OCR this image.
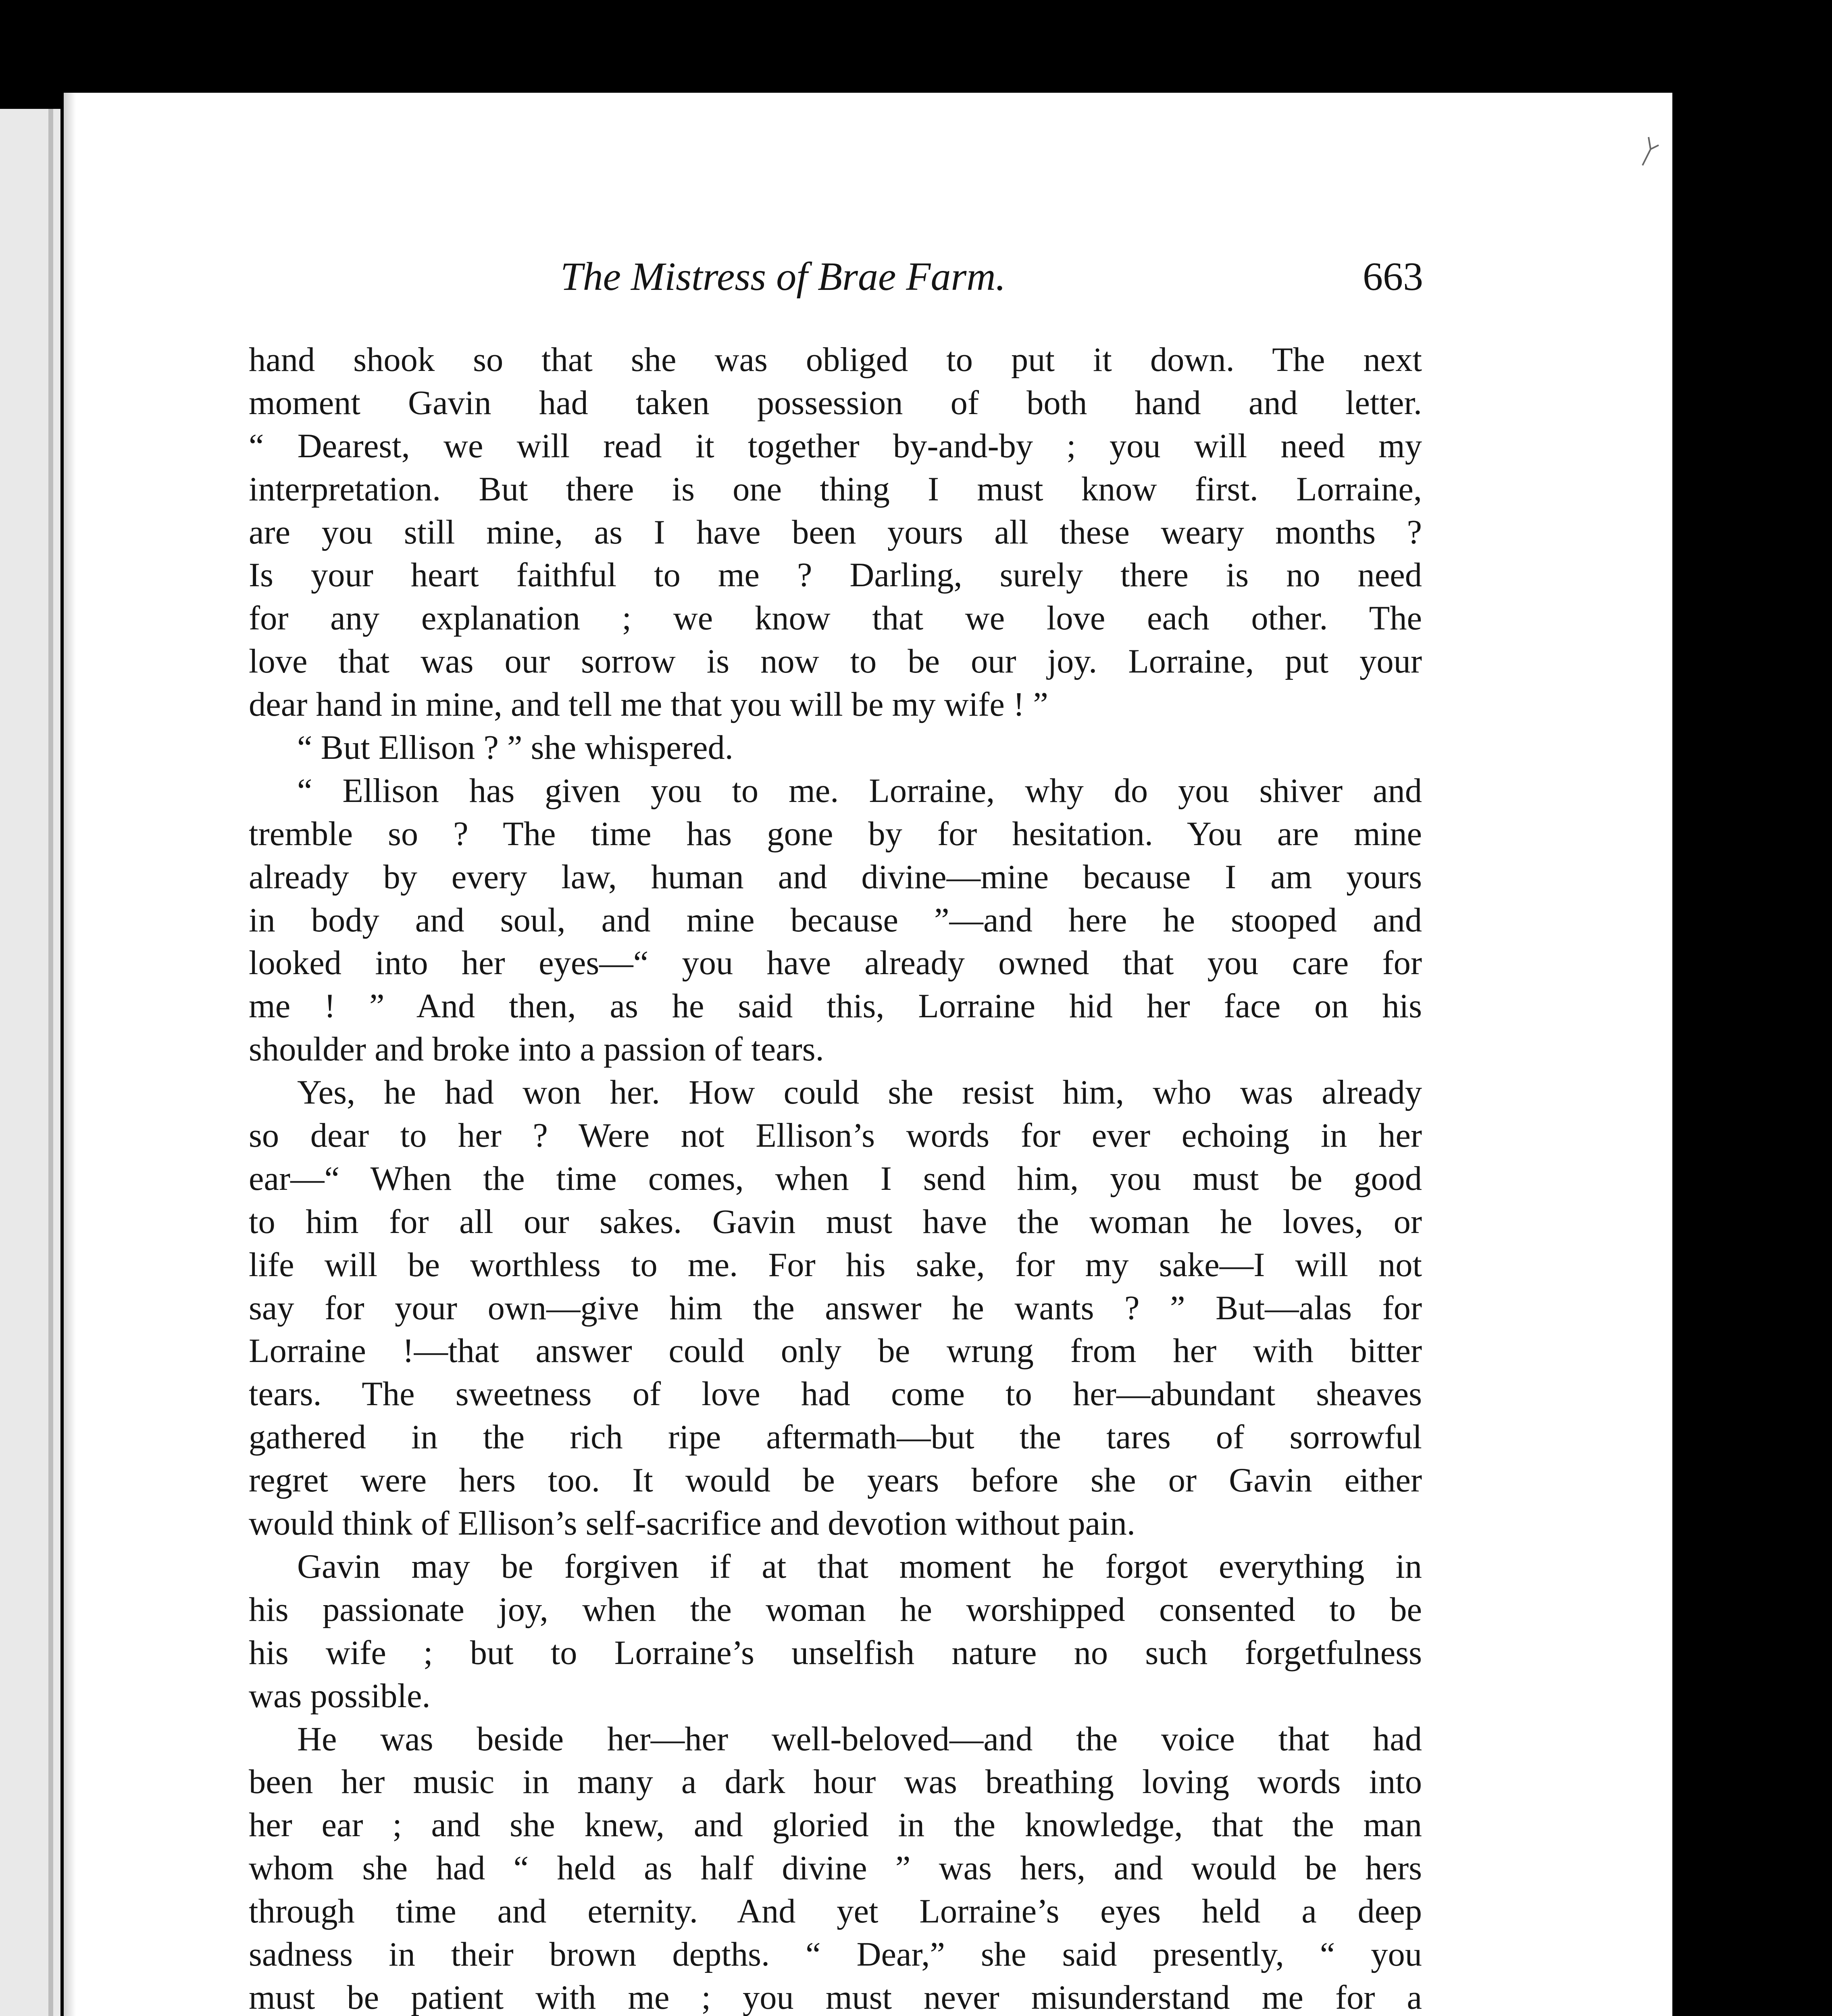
The Mistress of Brae Farm.	663
hand shook so that she was obliged to put it down. The next
moment Gavin had taken possession of both hand and letter.
“ Dearest, we will read it together by-and-by ; you will need my
interpretation. But there is one thing I must know first. Lorraine,
are you still mine, as I have been yours all these weary months ?
Is your heart faithful to me ? Darling, surely there is no need
for any explanation ; we know that we love each other. The
love that was our sorrow is now to be our joy. Lorraine, put your
dear hand in mine, and tell me that you will be my wife ! ”
“ But Ellison ? ” she whispered.
“ Ellison has given you to me. Lorraine, why do you shiver and
tremble so ? The time has gone by for hesitation. You are mine
already by every law, human and divine—mine because I am yours
in body and soul, and mine because ”—and here he stooped and
looked into her eyes—“ you have already owned that you care for
me ! ” And then, as he said this, Lorraine hid her face on his
shoulder and broke into a passion of tears.
Yes, he had won her. How could she resist him, who was already
so dear to her ? Were not Ellison’s words for ever echoing in her
ear—“ When the time comes, when I send him, you must be good
to him for all our sakes. Gavin must have the woman he loves, or
life will be worthless to me. For his sake, for my sake—I will not
say for your own—give him the answer he wants ? ” But—alas for
Lorraine !—that answer could only be wrung from her with bitter
tears. The sweetness of love had come to her—abundant sheaves
gathered in the rich ripe aftermath—but the tares of sorrowful
regret were hers too. It would be years before she or Gavin either
would think of Ellison’s self-sacrifice and devotion without pain.
Gavin may be forgiven if at that moment he forgot everything in
his passionate joy, when the woman he worshipped consented to be
his wife ; but to Lorraine’s unselfish nature no such forgetfulness
was possible.
He was beside her—her well-beloved—and the voice that had
been her music in many a dark hour was breathing loving words into
her ear ; and she knew, and gloried in the knowledge, that the man
whom she had “ held as half divine ” was hers, and would be hers
through time and eternity. And yet Lorraine’s eyes held a deep
sadness in their brown depths. “ Dear,” she said presently, “ you
must be patient with me ; you must never misunderstand me for a
